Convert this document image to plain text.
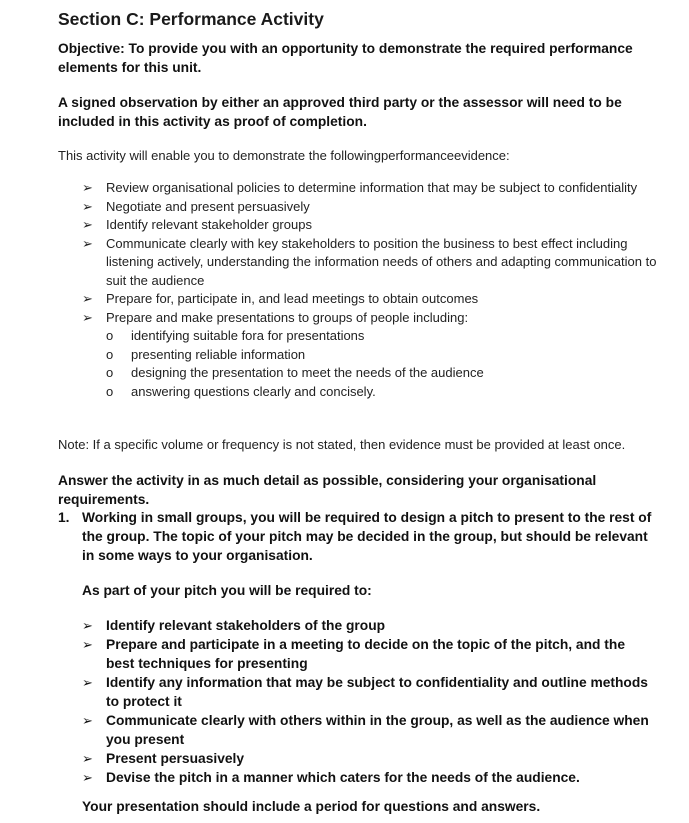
Section C: Performance Activity
Objective: To provide you with an opportunity to demonstrate the required performance elements for this unit.
A signed observation by either an approved third party or the assessor will need to be included in this activity as proof of completion.
This activity will enable you to demonstrate the followingperformanceevidence:
➢ Review organisational policies to determine information that may be subject to confidentiality
➢ Negotiate and present persuasively
➢ Identify relevant stakeholder groups
➢ Communicate clearly with key stakeholders to position the business to best effect including listening actively, understanding the information needs of others and adapting communication to suit the audience
➢ Prepare for, participate in, and lead meetings to obtain outcomes
➢ Prepare and make presentations to groups of people including:
o identifying suitable fora for presentations
o presenting reliable information
o designing the presentation to meet the needs of the audience
o answering questions clearly and concisely.
Note: If a specific volume or frequency is not stated, then evidence must be provided at least once.
Answer the activity in as much detail as possible, considering your organisational requirements.
1. Working in small groups, you will be required to design a pitch to present to the rest of the group. The topic of your pitch may be decided in the group, but should be relevant in some ways to your organisation.
As part of your pitch you will be required to:
➢ Identify relevant stakeholders of the group
➢ Prepare and participate in a meeting to decide on the topic of the pitch, and the best techniques for presenting
➢ Identify any information that may be subject to confidentiality and outline methods to protect it
➢ Communicate clearly with others within in the group, as well as the audience when you present
➢ Present persuasively
➢ Devise the pitch in a manner which caters for the needs of the audience.
Your presentation should include a period for questions and answers.
